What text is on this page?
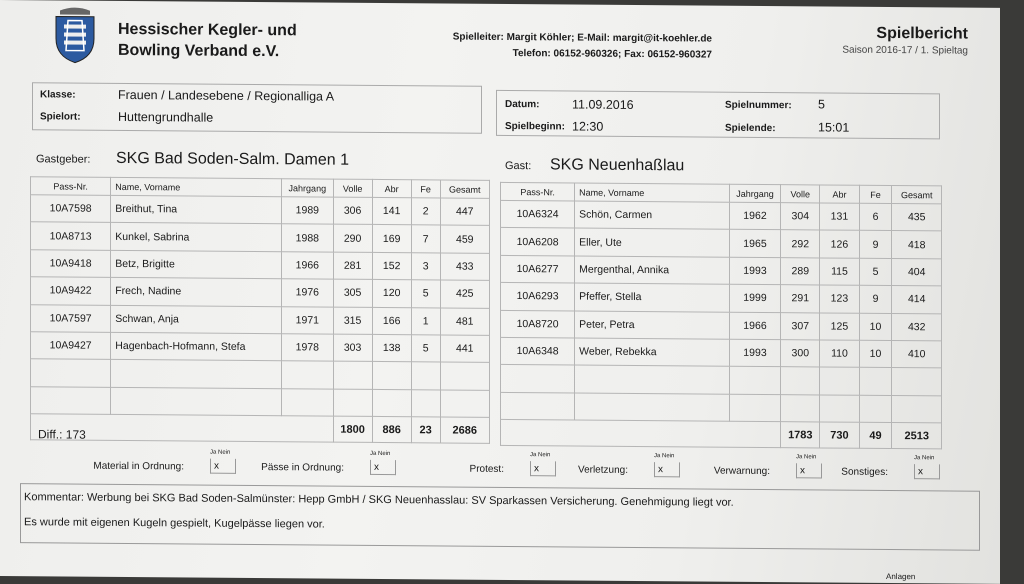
Hessischer Kegler- und
Bowling Verband e.V.
Spielleiter: Margit Köhler; E-Mail: margit@it-koehler.de
Telefon: 06152-960326; Fax: 06152-960327
Spielbericht
Saison 2016-17 / 1. Spieltag
Klasse:	Frauen / Landesebene / Regionalliga A
Spielort:	Huttengrundhalle
Datum:	11.09.2016	Spielnummer: 5
Spielbeginn: 12:30	Spielende:	15:01
Gastgeber: SKG Bad Soden-Salm. Damen 1	Gast: SKG Neuenhaßlau
Pass-Nr.	Name, Vorname	Jahrgang	Volle	Abr	Fe	Gesamt
10A7598	Breithut, Tina	1989	306	141	2	447
10A8713	Kunkel, Sabrina	1988	290	169	7	459
10A9418	Betz, Brigitte	1966	281	152	3	433
10A9422	Frech, Nadine	1976	305	120	5	425
10A7597	Schwan, Anja	1971	315	166	1	481
10A9427	Hagenbach-Hofmann, Stefa	1978	303	138	5	441

			1800	886	23	2686
Pass-Nr.	Name, Vorname	Jahrgang	Volle	Abr	Fe	Gesamt
10A6324	Schön, Carmen	1962	304	131	6	435
10A6208	Eller, Ute	1965	292	126	9	418
10A6277	Mergenthal, Annika	1993	289	115	5	404
10A6293	Pfeffer, Stella	1999	291	123	9	414
10A8720	Peter, Petra	1966	307	125	10	432
10A6348	Weber, Rebekka	1993	300	110	10	410

			1783	730	49	2513
Diff.: 173
Material in Ordnung:
Ja Nein
x	Pässe in Ordnung:
Ja Nein
x	Protest:
Ja Nein
x	Verletzung:
Ja Nein
x	Verwarnung:
Ja Nein
x	Sonstiges:
Ja Nein
x
Kommentar: Werbung bei SKG Bad Soden-Salmünster: Hepp GmbH / SKG Neuenhasslau: SV Sparkassen Versicherung. Genehmigung liegt vor.
Es wurde mit eigenen Kugeln gespielt, Kugelpässe liegen vor.
Anlagen
